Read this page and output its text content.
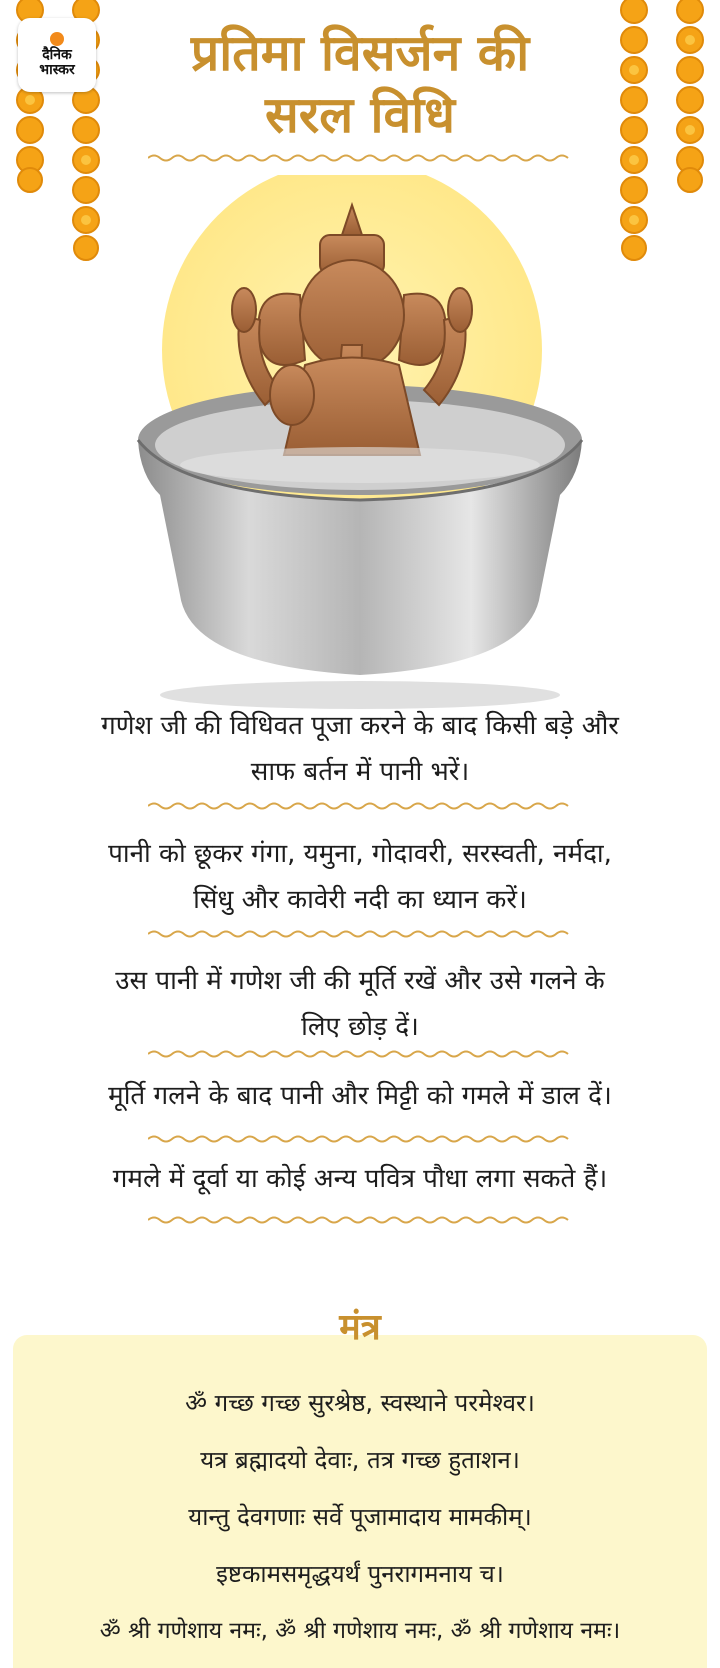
दैनिक
भास्कर	प्रतिमा विसर्जन की
सरल विधि
गणेश जी की विधिवत पूजा करने के बाद किसी बड़े और
साफ बर्तन में पानी भरें।
पानी को छूकर गंगा, यमुना, गोदावरी, सरस्वती, नर्मदा,
सिंधु और कावेरी नदी का ध्यान करें।
उस पानी में गणेश जी की मूर्ति रखें और उसे गलने के
लिए छोड़ दें।
मूर्ति गलने के बाद पानी और मिट्टी को गमले में डाल दें।
गमले में दूर्वा या कोई अन्य पवित्र पौधा लगा सकते हैं।
ॐ गच्छ गच्छ सुरश्रेष्ठ, स्वस्थाने परमेश्वर।
यत्र ब्रह्मादयो देवाः, तत्र गच्छ हुताशन।
यान्तु देवगणाः सर्वे पूजामादाय मामकीम्।
इष्टकामसमृद्धयर्थं पुनरागमनाय च।
ॐ श्री गणेशाय नमः, ॐ श्री गणेशाय नमः, ॐ श्री गणेशाय नमः।
मंत्र
